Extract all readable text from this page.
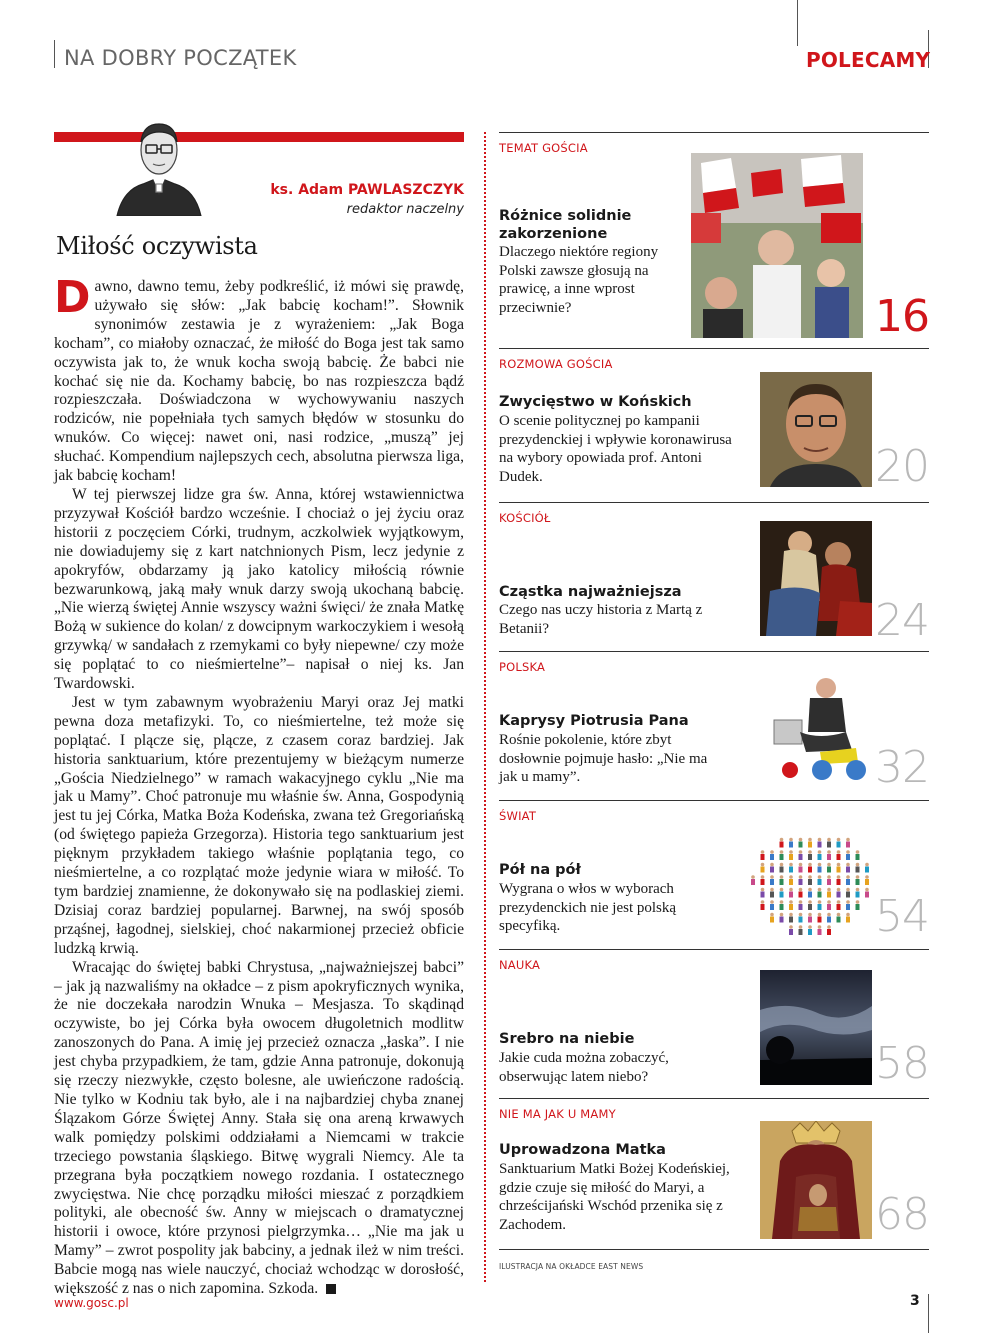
NA DOBRY POCZĄTEK	POLECAMY
ks. Adam PAWLASZCZYK
redaktor naczelny
Miłość oczywista

Dawno, dawno temu, żeby podkreślić, iż mówi się prawdę, używało się słów: „Jak babcię kocham!”. Słownik synonimów zestawia je z wyrażeniem: „Jak Boga kocham”, co miałoby oznaczać, że miłość do Boga jest tak samo oczywista jak to, że wnuk kocha swoją babcię. Że babci nie kochać się nie da. Kochamy babcię, bo nas rozpieszcza bądź rozpieszczała. Doświadczona w wychowywaniu naszych rodziców, nie popełniała tych samych błędów w stosunku do wnuków. Co więcej: nawet oni, nasi rodzice, „muszą” jej słuchać. Kompendium najlepszych cech, absolutna pierwsza liga, jak babcię kocham!

W tej pierwszej lidze gra św. Anna, której wstawiennictwa przyzywał Kościół bardzo wcześnie. I chociaż o jej życiu oraz historii z poczęciem Córki, trudnym, aczkolwiek wyjątkowym, nie dowiadujemy się z kart natchnionych Pism, lecz jedynie z apokryfów, obdarzamy ją jako katolicy miłością równie bezwarunkową, jaką mały wnuk darzy swoją ukochaną babcię. „Nie wierzą świętej Annie wszyscy ważni święci/ że znała Matkę Bożą w sukience do kolan/ z dowcipnym warkoczykiem i wesołą grzywką/ w sandałach z rzemykami co były niepewne/ czy może się poplątać to co nieśmiertelne”– napisał o niej ks. Jan Twardowski.

Jest w tym zabawnym wyobrażeniu Maryi oraz Jej matki pewna doza metafizyki. To, co nieśmiertelne, też może się poplątać. I plącze się, plącze, z czasem coraz bardziej. Jak historia sanktuarium, które prezentujemy w bieżącym numerze „Gościa Niedzielnego” w ramach wakacyjnego cyklu „Nie ma jak u Mamy”. Choć patronuje mu właśnie św. Anna, Gospodynią jest tu jej Córka, Matka Boża Kodeńska, zwana też Gregoriańską (od świętego papieża Grzegorza). Historia tego sanktuarium jest pięknym przykładem takiego właśnie poplątania tego, co nieśmiertelne, a co rozplątać może jedynie wiara w miłość. To tym bardziej znamienne, że dokonywało się na podlaskiej ziemi. Dzisiaj coraz bardziej popularnej. Barwnej, na swój sposób prząśnej, łagodnej, sielskiej, choć nakarmionej przecież obficie ludzką krwią.

Wracając do świętej babki Chrystusa, „najważniejszej babci” – jak ją nazwaliśmy na okładce – z pism apokryficznych wynika, że nie doczekała narodzin Wnuka – Mesjasza. To skądinąd oczywiste, bo jej Córka była owocem długoletnich modlitw zanoszonych do Pana. A imię jej przecież oznacza „łaska”. I nie jest chyba przypadkiem, że tam, gdzie Anna patronuje, dokonują się rzeczy niezwykłe, często bolesne, ale uwieńczone radością. Nie tylko w Kodniu tak było, ale i na najbardziej chyba znanej Ślązakom Górze Świętej Anny. Stała się ona areną krwawych walk pomiędzy polskimi oddziałami a Niemcami w trakcie trzeciego powstania śląskiego. Bitwę wygrali Niemcy. Ale ta przegrana była początkiem nowego rozdania. I ostatecznego zwycięstwa. Nie chcę porządku miłości mieszać z porządkiem polityki, ale obecność św. Anny w miejscach o dramatycznej historii i owoce, które przynosi pielgrzymka… „Nie ma jak u Mamy” – zwrot pospolity jak babciny, a jednak ileż w nim treści. Babcie mogą nas wiele nauczyć, chociaż wchodząc w dorosłość, większość z nas o nich zapomina. Szkoda.

TEMAT GOŚCIA
Różnice solidnie zakorzenione
Dlaczego niektóre regiony Polski zawsze głosują na prawicę, a inne wprost przeciwnie?	16
ROZMOWA GOŚCIA
Zwycięstwo w Końskich
O scenie politycznej po kampanii prezydenckiej i wpływie koronawirusa na wybory opowiada prof. Antoni Dudek.	20
KOŚCIÓŁ
Cząstka najważniejsza
Czego nas uczy historia z Martą z Betanii?	24
POLSKA
Kaprysy Piotrusia Pana
Rośnie pokolenie, które zbyt dosłownie pojmuje hasło: „Nie ma jak u mamy”.	32
ŚWIAT
Pół na pół
Wygrana o włos w wyborach prezydenckich nie jest polską specyfiką.	54
NAUKA
Srebro na niebie
Jakie cuda można zobaczyć, obserwując latem niebo?	58
NIE MA JAK U MAMY
Uprowadzona Matka
Sanktuarium Matki Bożej Kodeńskiej, gdzie czuje się miłość do Maryi, a chrześcijański Wschód przenika się z Zachodem.	68
ILUSTRACJA NA OKŁADCE EAST NEWS
www.gosc.pl	3
